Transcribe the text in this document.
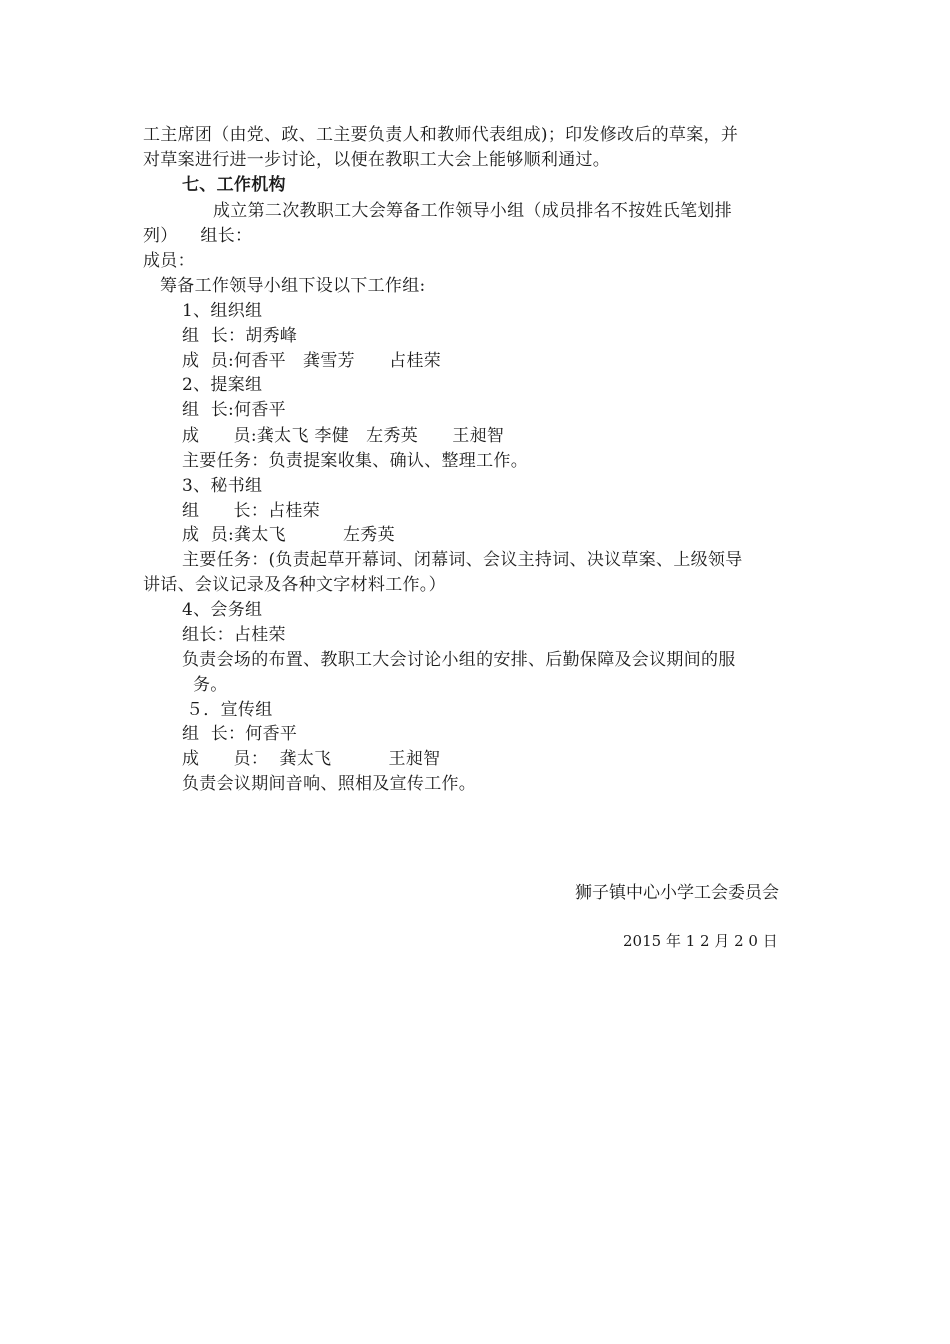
工主席团（由党、政、工主要负责人和教师代表组成)；印发修改后的草案，并
对草案进行进一步讨论，以便在教职工大会上能够顺利通过。
七、工作机构
成立第二次教职工大会筹备工作领导小组（成员排名不按姓氏笔划排
列）    组长：
成员：
筹备工作领导小组下设以下工作组:
1、组织组
组  长：胡秀峰
成  员:何香平   龚雪芳      占桂荣
2、提案组
组  长:何香平
成      员:龚太飞 李健   左秀英      王昶智
主要任务：负责提案收集、确认、整理工作。
3、秘书组
组      长：占桂荣
成  员:龚太飞          左秀英
主要任务：(负责起草开幕词、闭幕词、会议主持词、决议草案、上级领导
讲话、会议记录及各种文字材料工作。）
4、会务组
组长：占桂荣
负责会场的布置、教职工大会讨论小组的安排、后勤保障及会议期间的服
务。
５．宣传组
组  长：何香平
成      员：  龚太飞          王昶智
负责会议期间音响、照相及宣传工作。
狮子镇中心小学工会委员会
2015 年 1 2 月 2 0 日
